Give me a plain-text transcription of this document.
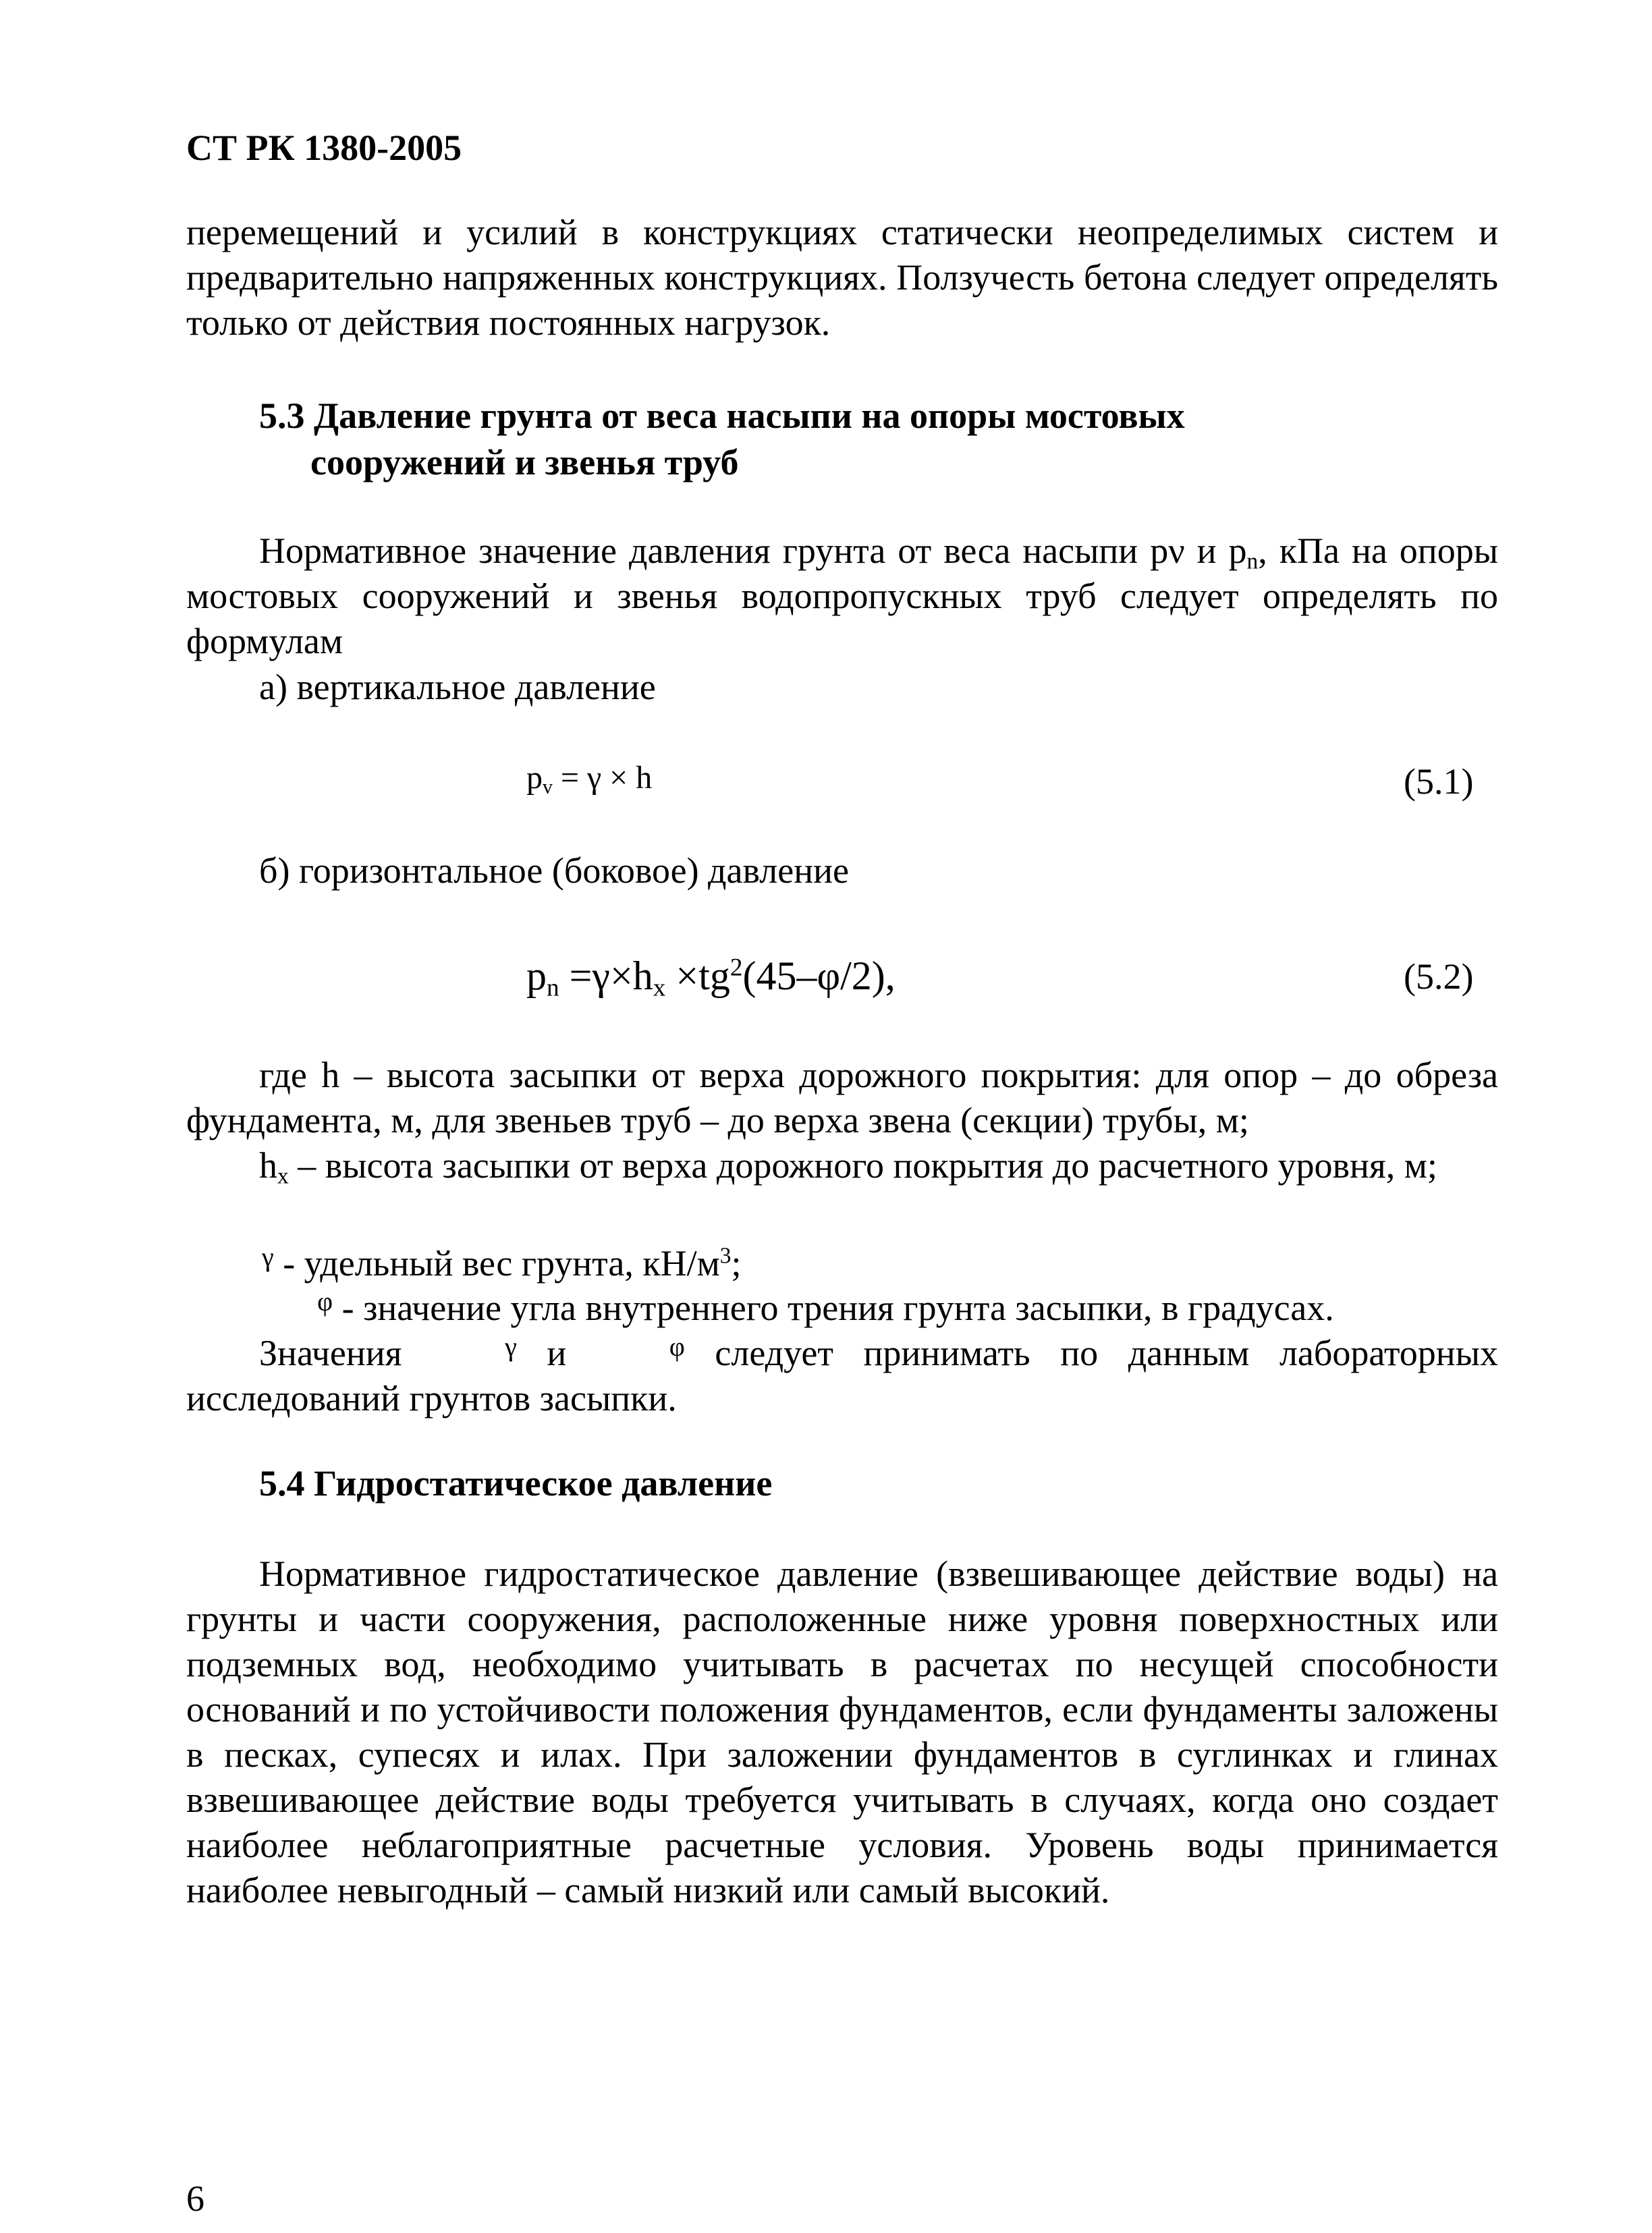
СТ РК 1380-2005
перемещений и усилий в конструкциях статически неопределимых систем и предварительно напряженных конструкциях. Ползучесть бетона следует определять только от действия постоянных нагрузок.
5.3 Давление грунта от веса насыпи на опоры мостовых
сооружений и звенья труб
Нормативное значение давления грунта от веса насыпи рν и $р_n$, кПа на опоры мостовых сооружений и звенья водопропускных труб следует определять по формулам
а) вертикальное давление
$p_v = \gamma \times h$	(5.1)
б) горизонтальное (боковое) давление
$p_n =\gamma\times h_x \times tg^2(45-\varphi/2)$,	(5.2)
где h – высота засыпки от верха дорожного покрытия: для опор – до обреза фундамента, м, для звеньев труб – до верха звена (секции) трубы, м;
$h_x$ – высота засыпки от верха дорожного покрытия до расчетного уровня, м;
γ - удельный вес грунта, $кН/м^3$;
φ - значение угла внутреннего трения грунта засыпки, в градусах.
Значения	γ и	φ следует принимать по данным лабораторных исследований грунтов засыпки.
5.4 Гидростатическое давление
Нормативное гидростатическое давление (взвешивающее действие воды) на грунты и части сооружения, расположенные ниже уровня поверхностных или подземных вод, необходимо учитывать в расчетах по несущей способности оснований и по устойчивости положения фундаментов, если фундаменты заложены в песках, супесях и илах. При заложении фундаментов в суглинках и глинах взвешивающее действие воды требуется учитывать в случаях, когда оно создает наиболее неблагоприятные расчетные условия. Уровень воды принимается наиболее невыгодный – самый низкий или самый высокий.
6
